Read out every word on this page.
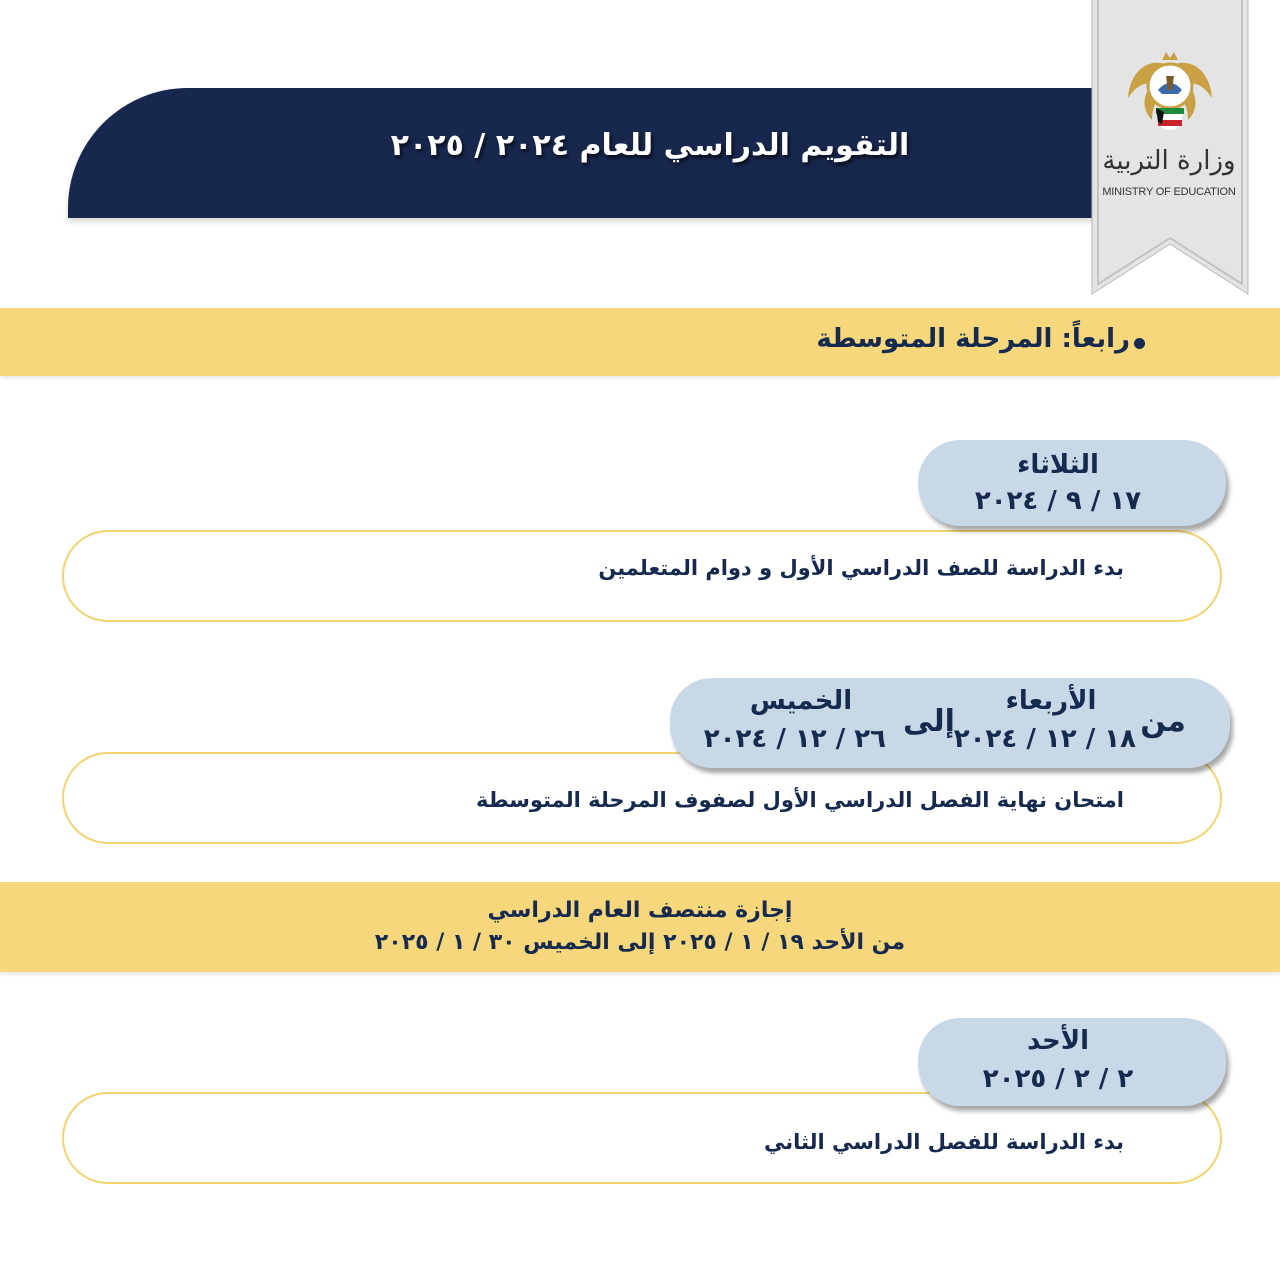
التقويم الدراسي للعام ٢٠٢٤ / ٢٠٢٥	وزارة التربية
MINISTRY OF EDUCATION
رابعاً: المرحلة المتوسطة
بدء الدراسة للصف الدراسي الأول و دوام المتعلمين
الثلاثاء
١٧ / ٩ / ٢٠٢٤
امتحان نهاية الفصل الدراسي الأول لصفوف المرحلة المتوسطة
من
الأربعاء
١٨ / ١٢ / ٢٠٢٤
إلى
الخميس
٢٦ / ١٢ / ٢٠٢٤
إجازة منتصف العام الدراسي
من الأحد ١٩ / ١ / ٢٠٢٥ إلى الخميس ٣٠ / ١ / ٢٠٢٥
بدء الدراسة للفصل الدراسي الثاني
الأحد
٢ / ٢ / ٢٠٢٥
